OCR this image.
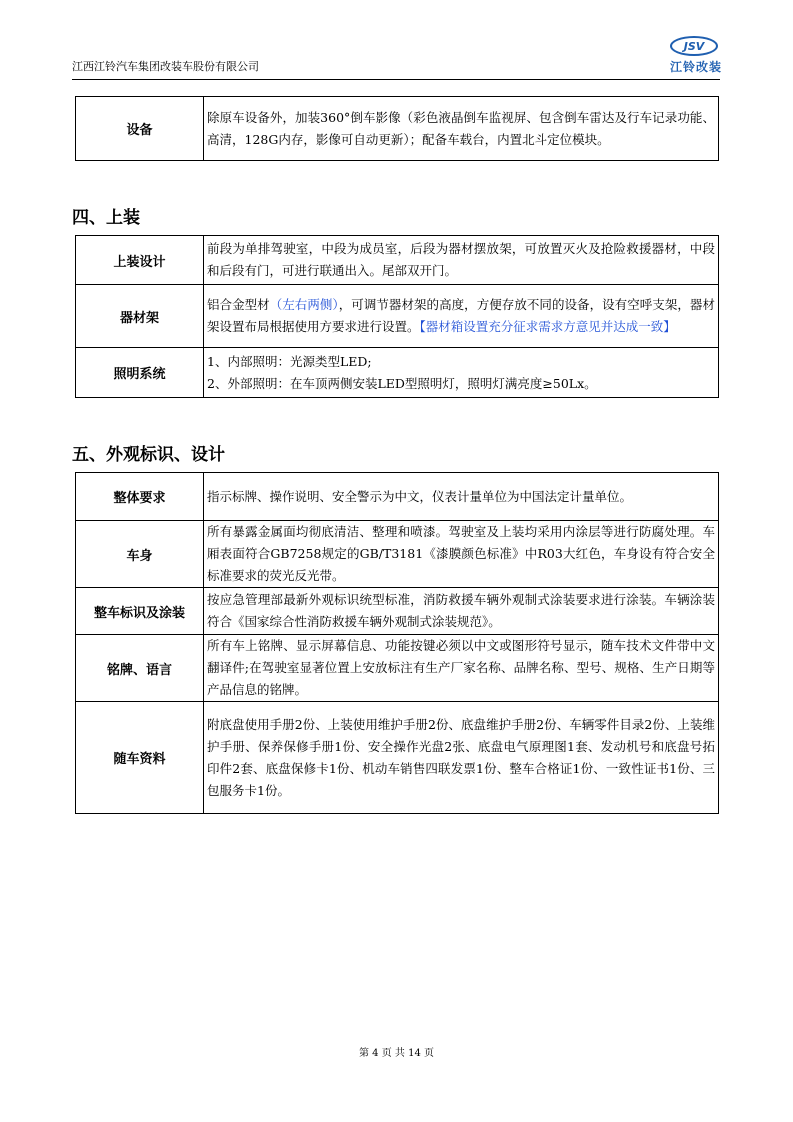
江西江铃汽车集团改装车股份有限公司
JSV
江铃改装
设备	除原车设备外，加装360°倒车影像（彩色液晶倒车监视屏、包含倒车雷达及行车记录功能、高清，128G内存，影像可自动更新）；配备车载台，内置北斗定位模块。
四、上装
上装设计	前段为单排驾驶室，中段为成员室，后段为器材摆放架，可放置灭火及抢险救援器材，中段和后段有门，可进行联通出入。尾部双开门。
器材架	铝合金型材（左右两侧），可调节器材架的高度，方便存放不同的设备，设有空呼支架，器材架设置布局根据使用方要求进行设置。【器材箱设置充分征求需求方意见并达成一致】
照明系统	1、内部照明：光源类型LED;
2、外部照明：在车顶两侧安装LED型照明灯，照明灯满亮度≥50Lx。
五、外观标识、设计
整体要求	指示标牌、操作说明、安全警示为中文，仪表计量单位为中国法定计量单位。
车身	所有暴露金属面均彻底清洁、整理和喷漆。驾驶室及上装均采用内涂层等进行防腐处理。车厢表面符合GB7258规定的GB/T3181《漆膜颜色标准》中R03大红色，车身设有符合安全标准要求的荧光反光带。
整车标识及涂装	按应急管理部最新外观标识统型标准，消防救援车辆外观制式涂装要求进行涂装。车辆涂装符合《国家综合性消防救援车辆外观制式涂装规范》。
铭牌、语言	所有车上铭牌、显示屏幕信息、功能按键必须以中文或图形符号显示，随车技术文件带中文翻译件;在驾驶室显著位置上安放标注有生产厂家名称、品牌名称、型号、规格、生产日期等产品信息的铭牌。
随车资料	附底盘使用手册2份、上装使用维护手册2份、底盘维护手册2份、车辆零件目录2份、上装维护手册、保养保修手册1份、安全操作光盘2张、底盘电气原理图1套、发动机号和底盘号拓印件2套、底盘保修卡1份、机动车销售四联发票1份、整车合格证1份、一致性证书1份、三包服务卡1份。
第 4 页 共 14 页
